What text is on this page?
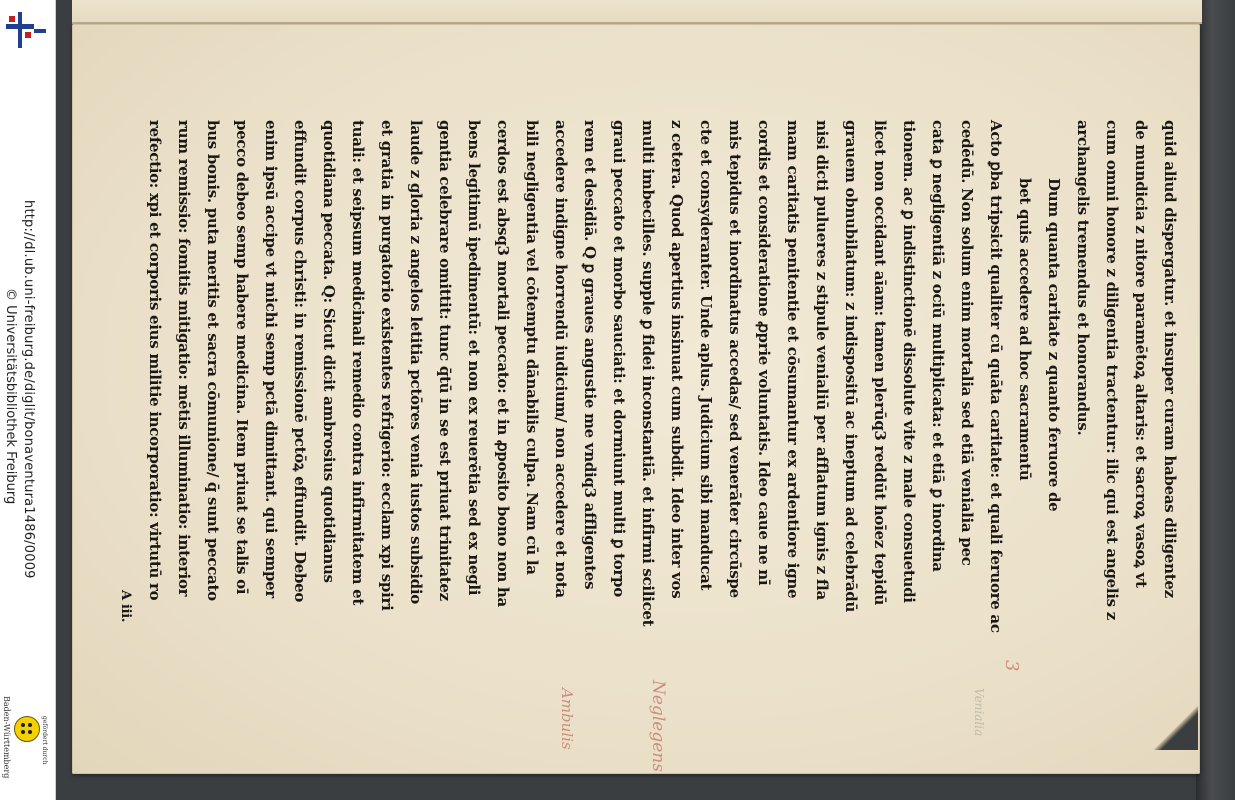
http://dl.ub.uni-freiburg.de/diglit/bonaventura1486/0009
© Universitätsbibliothek Freiburg
gefördert durch
Baden-Württemberg
quid aliud dispergatur. et insuper curam habeas diligentez
de mundicia z nitore paramētoꝝ altaris: et sacroꝝ vasoꝝ vt
cum omni honore z diligentia tractentur: ilic qui est angelis z
archangelis tremendus et honorandus.
Dum quanta caritate z quanto feruore de
bet quis accedere ad hoc sacramentū
Acto ꝑba tripsicit qualiter cū quāta caritate: et quali feruore ac
cedēdū. Non solum enim mortalia sed etiā venialia pec
cata ꝑ negligentiā z ociū multiplicata: et etiā ꝑ inordina
tionem. ac ꝑ indistinctionē dissolute vite z male consuetudi
licet non occidant aīam: tamen plerūq3 reddūt hoīez tepidū
grauem obnubilatum: z indispositū ac ineptum ad celebrādū
nisi dicti pulueres z stipule venialiū per afflatum ignis z fla
mam caritatis penitentie et cōsumantur ex ardentiore igne
cordis et consideratione ꝓprie voluntatis. Ideo caue ne nī
mis tepidus et inordinatus accedas/ sed venerāter circūspe
cte et consyderanter. Unde aplus. Judicium sibi manducat
z cetera. Quod apertius insinuat cum subdit. Ideo inter vos
multi imbecilles. supple ꝑ fidei inconstantiā. et infirmi scilicet
graui peccato et morbo sauciati: et dormiunt multi ꝑ torpo
rem et desidiā. Q ꝑ graues angustie me vndiq3 affligentes
accedere indigne horrendū iudicium/ non accedere et nota
bili negligentia vel cōtemptu dānabilis culpa. Nam cū la
cerdos est absq3 mortali peccato: et in ꝓposito bono non ha
bens legitimū ipedimentū: et non ex reuerētia sed ex negli
gentia celebrare omittit: tunc q̄tū in se est priuat trinitatez
laude z gloria z angelos letitia pctōres venia iustos subsidio
et gratia in purgatorio existentes refrigerio: ecclam xpi spiri
tuali: et seipsum medicinali remedio contra infirmitatem et
quotidiana peccata. Q: Sicut dicit ambrosius quotidianus
effundit corpus christi: in remissionē pctōꝝ effundit. Debeo
enim ipsū accipe vt michi semp pctā dimittant. qui semper
pecco debeo semp habere medicina. Item priuat se talis oī
bus bonis. puta meritis et sacra cōmunione/ q̄ sunt peccato
rum remissio: fomitis mitigatio: mētis illuminatio: interior
refectio: xpi et corporis eius militie incorporatio: virtutū ro
A iii.
Neglegens
Ambulis
3
Venialia
